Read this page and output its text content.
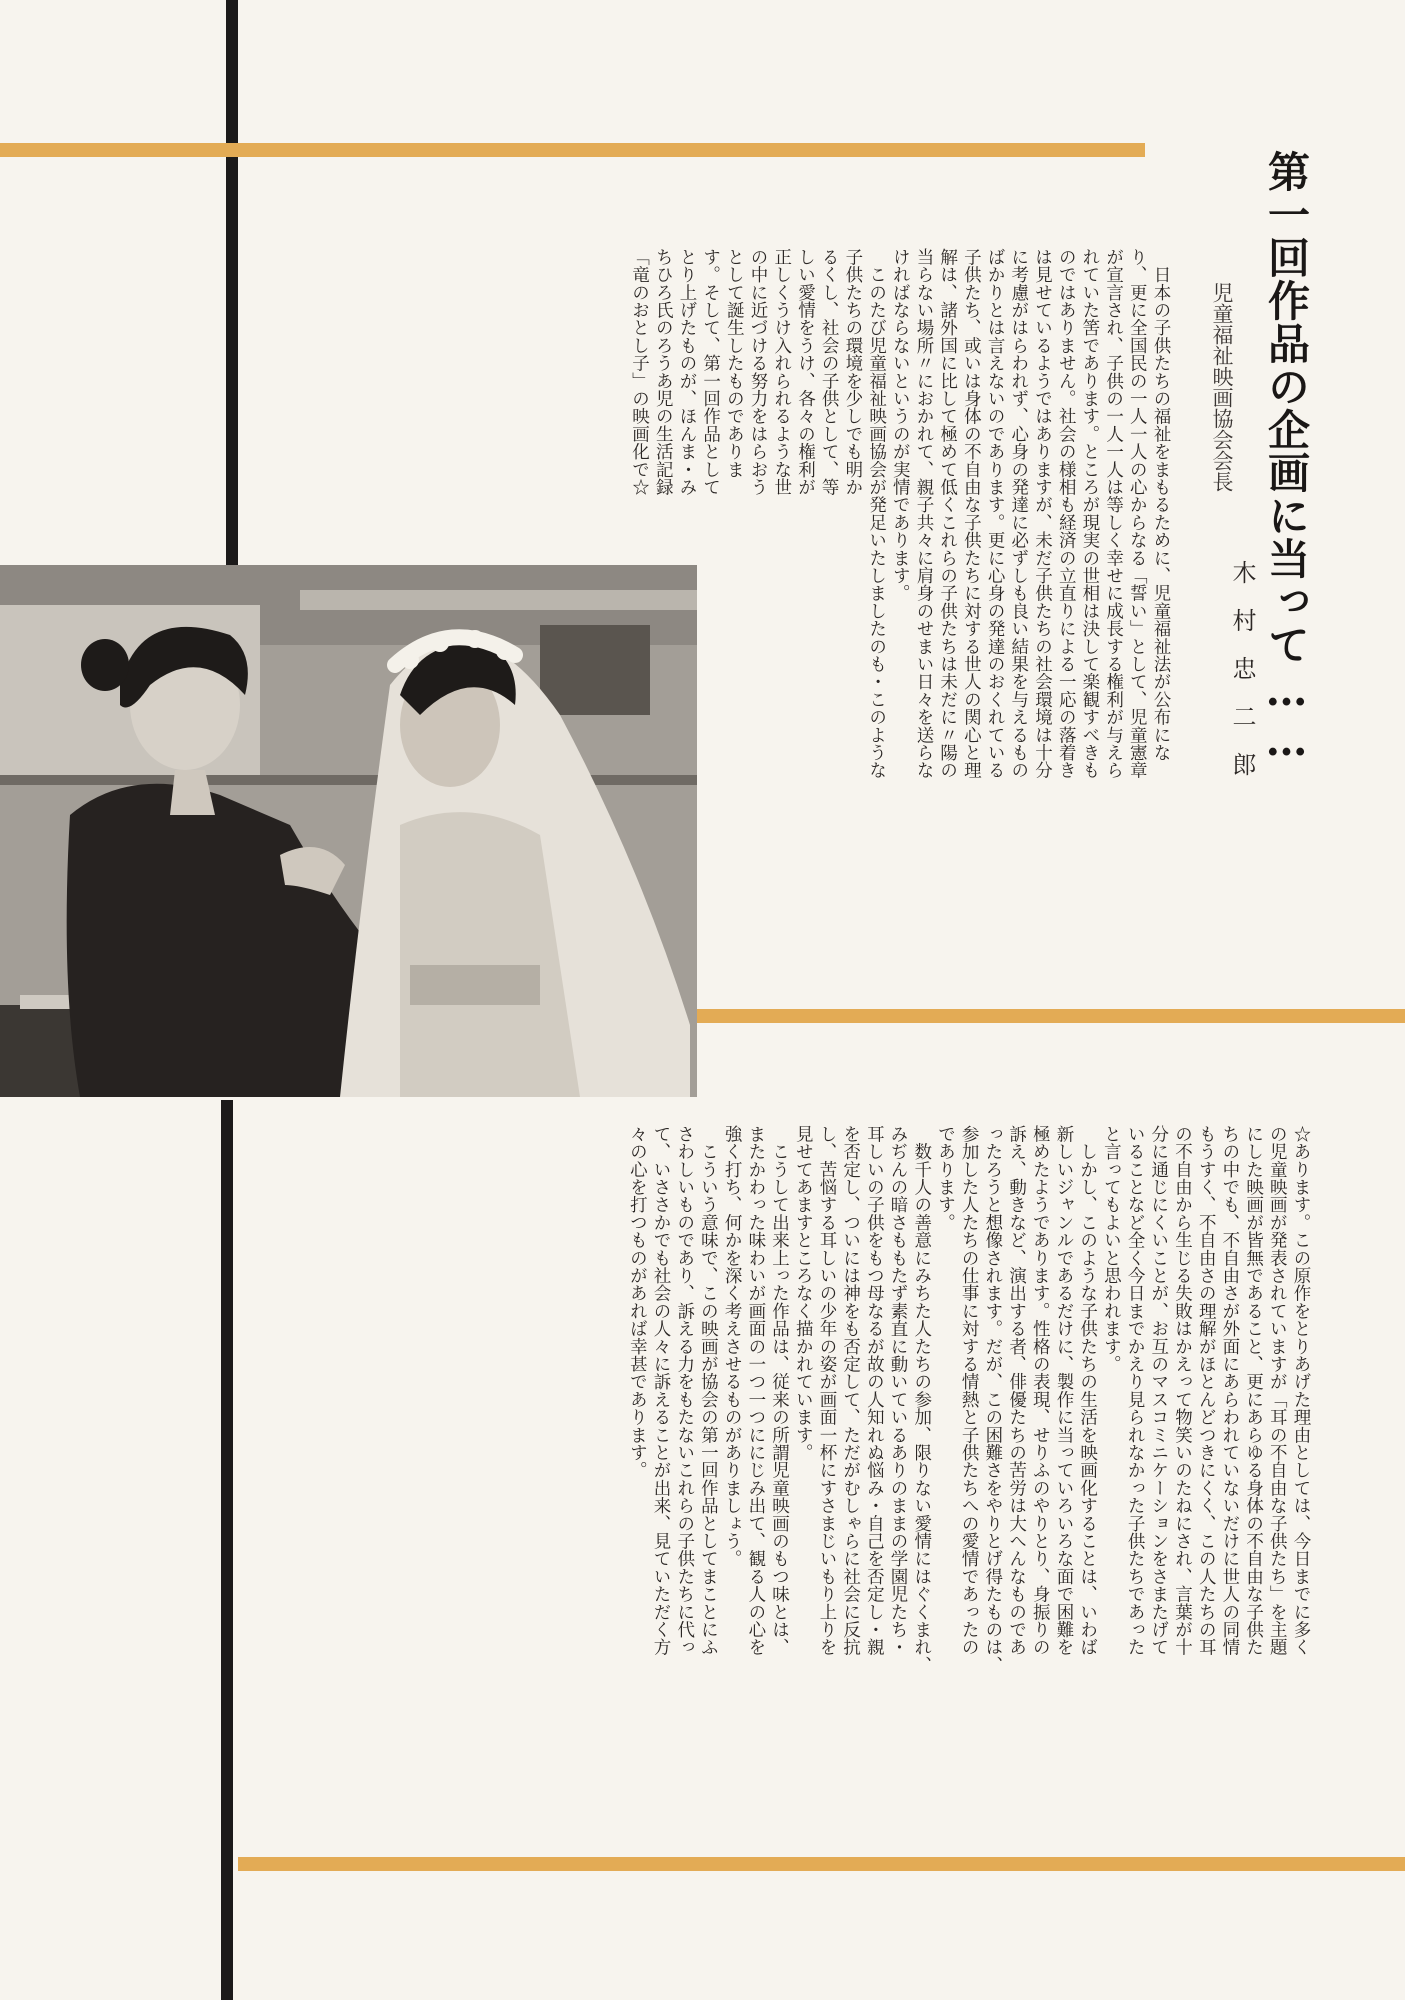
第一回作品の企画に当って……
児童福祉映画協会会長
木村忠二郎
　日本の子供たちの福祉をまもるために、児童福祉法が公布にな
り、更に全国民の一人一人の心からなる「誓い」として、児童憲章
が宣言され、子供の一人一人は等しく幸せに成長する権利が与えら
れていた筈であります。ところが現実の世相は決して楽観すべきも
のではありません。社会の様相も経済の立直りによる一応の落着き
は見せているようではありますが、未だ子供たちの社会環境は十分
に考慮がはらわれず、心身の発達に必ずしも良い結果を与えるもの
ばかりとは言えないのであります。更に心身の発達のおくれている
子供たち、或いは身体の不自由な子供たちに対する世人の関心と理
解は、諸外国に比して極めて低くこれらの子供たちは未だに〃陽の
当らない場所〃におかれて、親子共々に肩身のせまい日々を送らな
ければならないというのが実情であります。
　このたび児童福祉映画協会が発足いたしましたのも・このような
子供たちの環境を少しでも明か
るくし、社会の子供として、等
しい愛情をうけ、各々の権利が
正しくうけ入れられるような世
の中に近づける努力をはらおう
として誕生したものでありま
す。そして、第一回作品として
とり上げたものが、ほんま・み
ちひろ氏のろうあ児の生活記録
「竜のおとし子」の映画化で☆
☆あります。この原作をとりあげた理由としては、今日までに多く
の児童映画が発表されていますが「耳の不自由な子供たち」を主題
にした映画が皆無であること、更にあらゆる身体の不自由な子供た
ちの中でも、不自由さが外面にあらわれていないだけに世人の同情
もうすく、不自由さの理解がほとんどつきにくく、この人たちの耳
の不自由から生じる失敗はかえって物笑いのたねにされ、言葉が十
分に通じにくいことが、お互のマスコミニケーションをさまたげて
いることなど全く今日までかえり見られなかった子供たちであった
と言ってもよいと思われます。
　しかし、このような子供たちの生活を映画化することは、いわば
新しいジャンルであるだけに、製作に当っていろいろな面で困難を
極めたようであります。性格の表現、せりふのやりとり、身振りの
訴え、動きなど、演出する者、俳優たちの苦労は大へんなものであ
ったろうと想像されます。だが、この困難さをやりとげ得たものは、
参加した人たちの仕事に対する情熱と子供たちへの愛情であったの
であります。
　数千人の善意にみちた人たちの参加、限りない愛情にはぐくまれ、
みぢんの暗さももたず素直に動いているありのままの学園児たち・
耳しいの子供をもつ母なるが故の人知れぬ悩み・自己を否定し・親
を否定し、ついには神をも否定して、ただがむしゃらに社会に反抗
し、苦悩する耳しいの少年の姿が画面一杯にすさまじいもり上りを
見せてあますところなく描かれています。
　こうして出来上った作品は、従来の所謂児童映画のもつ味とは、
またかわった味わいが画面の一つ一つににじみ出て、観る人の心を
強く打ち、何かを深く考えさせるものがありましょう。
　こういう意味で、この映画が協会の第一回作品としてまことにふ
さわしいものであり、訴える力をもたないこれらの子供たちに代っ
て、いささかでも社会の人々に訴えることが出来、見ていただく方
々の心を打つものがあれば幸甚であります。
